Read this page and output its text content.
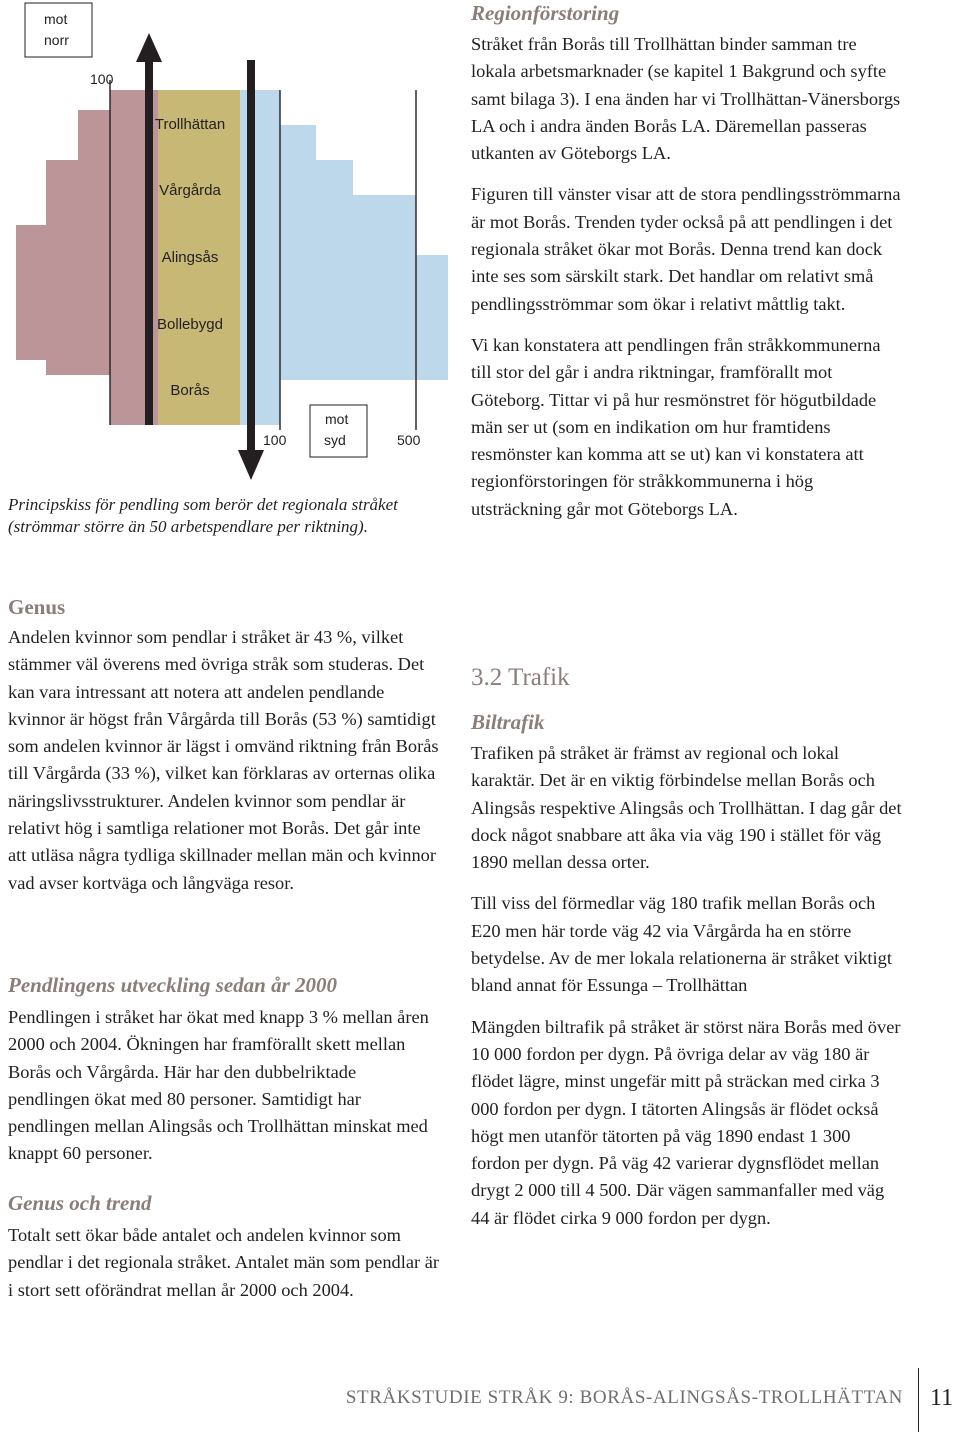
mot
norr
mot
syd
100
100	500
Trollhättan
Vårgårda
Alingsås
Bollebygd
Borås

Principskiss för pendling som berör det regionala stråket (strömmar större än 50 arbetspendlare per riktning).

Genus

Andelen kvinnor som pendlar i stråket är 43 %, vilket stämmer väl överens med övriga stråk som studeras. Det kan vara intressant att notera att andelen pendlande kvinnor är högst från Vårgårda till Borås (53 %) samtidigt som andelen kvinnor är lägst i omvänd riktning från Borås till Vårgårda (33 %), vilket kan förklaras av orternas olika näringslivsstrukturer. Andelen kvinnor som pendlar är relativt hög i samtliga relationer mot Borås. Det går inte att utläsa några tydliga skillnader mellan män och kvinnor vad avser kortväga och långväga resor.

Pendlingens utveckling sedan år 2000

Pendlingen i stråket har ökat med knapp 3 % mellan åren 2000 och 2004. Ökningen har framförallt skett mellan Borås och Vårgårda. Här har den dubbelriktade pendlingen ökat med 80 personer. Samtidigt har pendlingen mellan Alingsås och Trollhättan minskat med knappt 60 personer.

Genus och trend

Totalt sett ökar både antalet och andelen kvinnor som pendlar i det regionala stråket. Antalet män som pendlar är i stort sett oförändrat mellan år 2000 och 2004.

Regionförstoring

Stråket från Borås till Trollhättan binder samman tre lokala arbetsmarknader (se kapitel 1 Bakgrund och syfte samt bilaga 3). I ena änden har vi Trollhättan-Vänersborgs LA och i andra änden Borås LA. Däremellan passeras utkanten av Göteborgs LA.

Figuren till vänster visar att de stora pendlingsströmmarna är mot Borås. Trenden tyder också på att pendlingen i det regionala stråket ökar mot Borås. Denna trend kan dock inte ses som särskilt stark. Det handlar om relativt små pendlingsströmmar som ökar i relativt måttlig takt.

Vi kan konstatera att pendlingen från stråkkommunerna till stor del går i andra riktningar, framförallt mot Göteborg. Tittar vi på hur resmönstret för högutbildade män ser ut (som en indikation om hur framtidens resmönster kan komma att se ut) kan vi konstatera att regionförstoringen för stråkkommunerna i hög utsträckning går mot Göteborgs LA.

3.2 Trafik
Biltrafik

Trafiken på stråket är främst av regional och lokal karaktär. Det är en viktig förbindelse mellan Borås och Alingsås respektive Alingsås och Trollhättan. I dag går det dock något snabbare att åka via väg 190 i stället för väg 1890 mellan dessa orter.

Till viss del förmedlar väg 180 trafik mellan Borås och E20 men här torde väg 42 via Vårgårda ha en större betydelse. Av de mer lokala relationerna är stråket viktigt bland annat för Essunga – Trollhättan

Mängden biltrafik på stråket är störst nära Borås med över 10 000 fordon per dygn. På övriga delar av väg 180 är flödet lägre, minst ungefär mitt på sträckan med cirka 3 000 fordon per dygn. I tätorten Alingsås är flödet också högt men utanför tätorten på väg 1890 endast 1 300 fordon per dygn. På väg 42 varierar dygnsflödet mellan drygt 2 000 till 4 500. Där vägen sammanfaller med väg 44 är flödet cirka 9 000 fordon per dygn.

STRÅKSTUDIE STRÅK 9: BORÅS-ALINGSÅS-TROLLHÄTTAN 11
